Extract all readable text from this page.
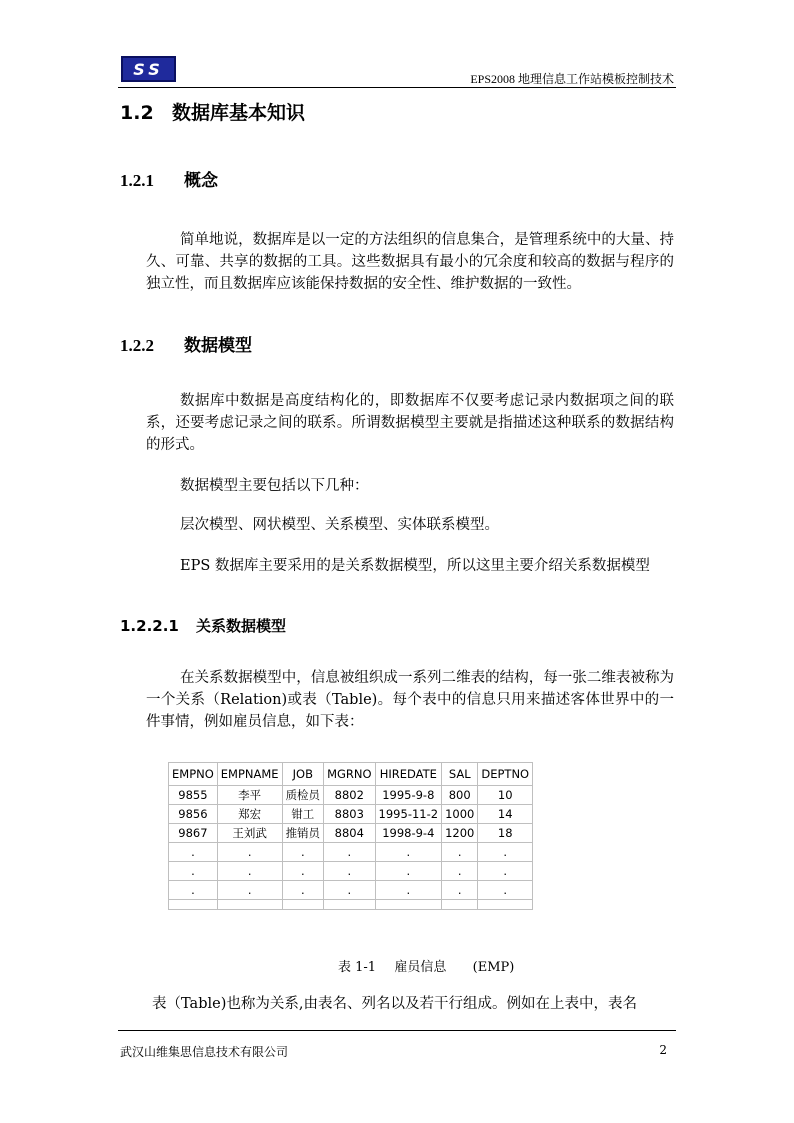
SS
EPS2008 地理信息工作站模板控制技术
1.2 数据库基本知识
1.2.1 概念
简单地说，数据库是以一定的方法组织的信息集合，是管理系统中的大量、持久、可靠、共享的数据的工具。这些数据具有最小的冗余度和较高的数据与程序的独立性，而且数据库应该能保持数据的安全性、维护数据的一致性。
1.2.2 数据模型
数据库中数据是高度结构化的，即数据库不仅要考虑记录内数据项之间的联系，还要考虑记录之间的联系。所谓数据模型主要就是指描述这种联系的数据结构的形式。
数据模型主要包括以下几种：
层次模型、网状模型、关系模型、实体联系模型。
EPS 数据库主要采用的是关系数据模型，所以这里主要介绍关系数据模型
1.2.2.1 关系数据模型
在关系数据模型中，信息被组织成一系列二维表的结构，每一张二维表被称为一个关系（Relation)或表（Table)。每个表中的信息只用来描述客体世界中的一件事情，例如雇员信息，如下表：
EMPNO	EMPNAME	JOB	MGRNO	HIREDATE	SAL	DEPTNO
9855	李平	质检员	8802	1995-9-8	800	10
9856	郑宏	钳工	8803	1995-11-2	1000	14
9867	王刘武	推销员	8804	1998-9-4	1200	18
.	.	.	.	.	.	.
.	.	.	.	.	.	.
.	.	.	.	.	.	.

表 1-1 雇员信息 (EMP)
表（Table)也称为关系,由表名、列名以及若干行组成。例如在上表中，表名
武汉山维集思信息技术有限公司	2
